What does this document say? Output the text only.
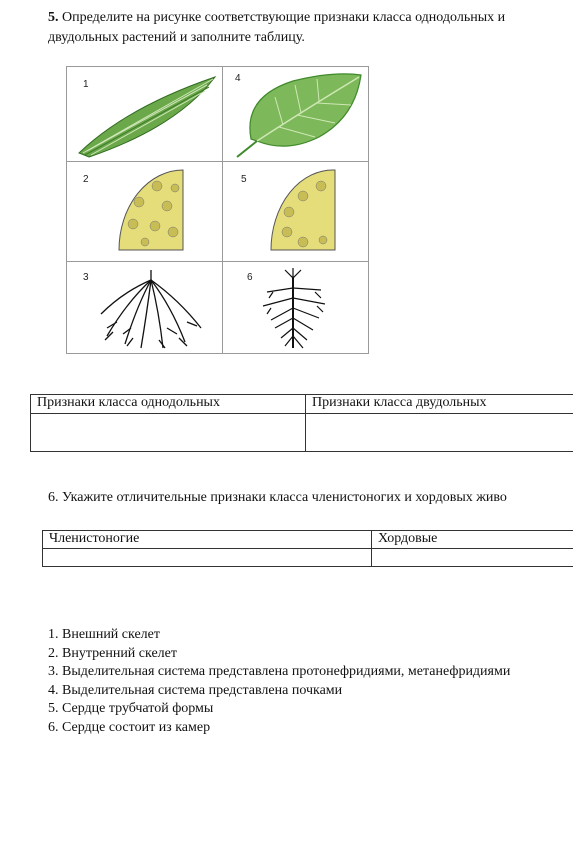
5. Определите на рисунке соответствующие признаки класса однодольных и
двудольных растений и заполните таблицу.
1
4
2	5
3	6
Признаки класса однодольных	Признаки класса двудольных

6. Укажите отличительные признаки класса членистоногих и хордовых живо
Членистоногие	Хордовые

1. Внешний скелет
2. Внутренний скелет
3. Выделительная система представлена протонефридиями, метанефридиями
4. Выделительная система представлена почками
5. Сердце трубчатой формы
6. Сердце состоит из камер
